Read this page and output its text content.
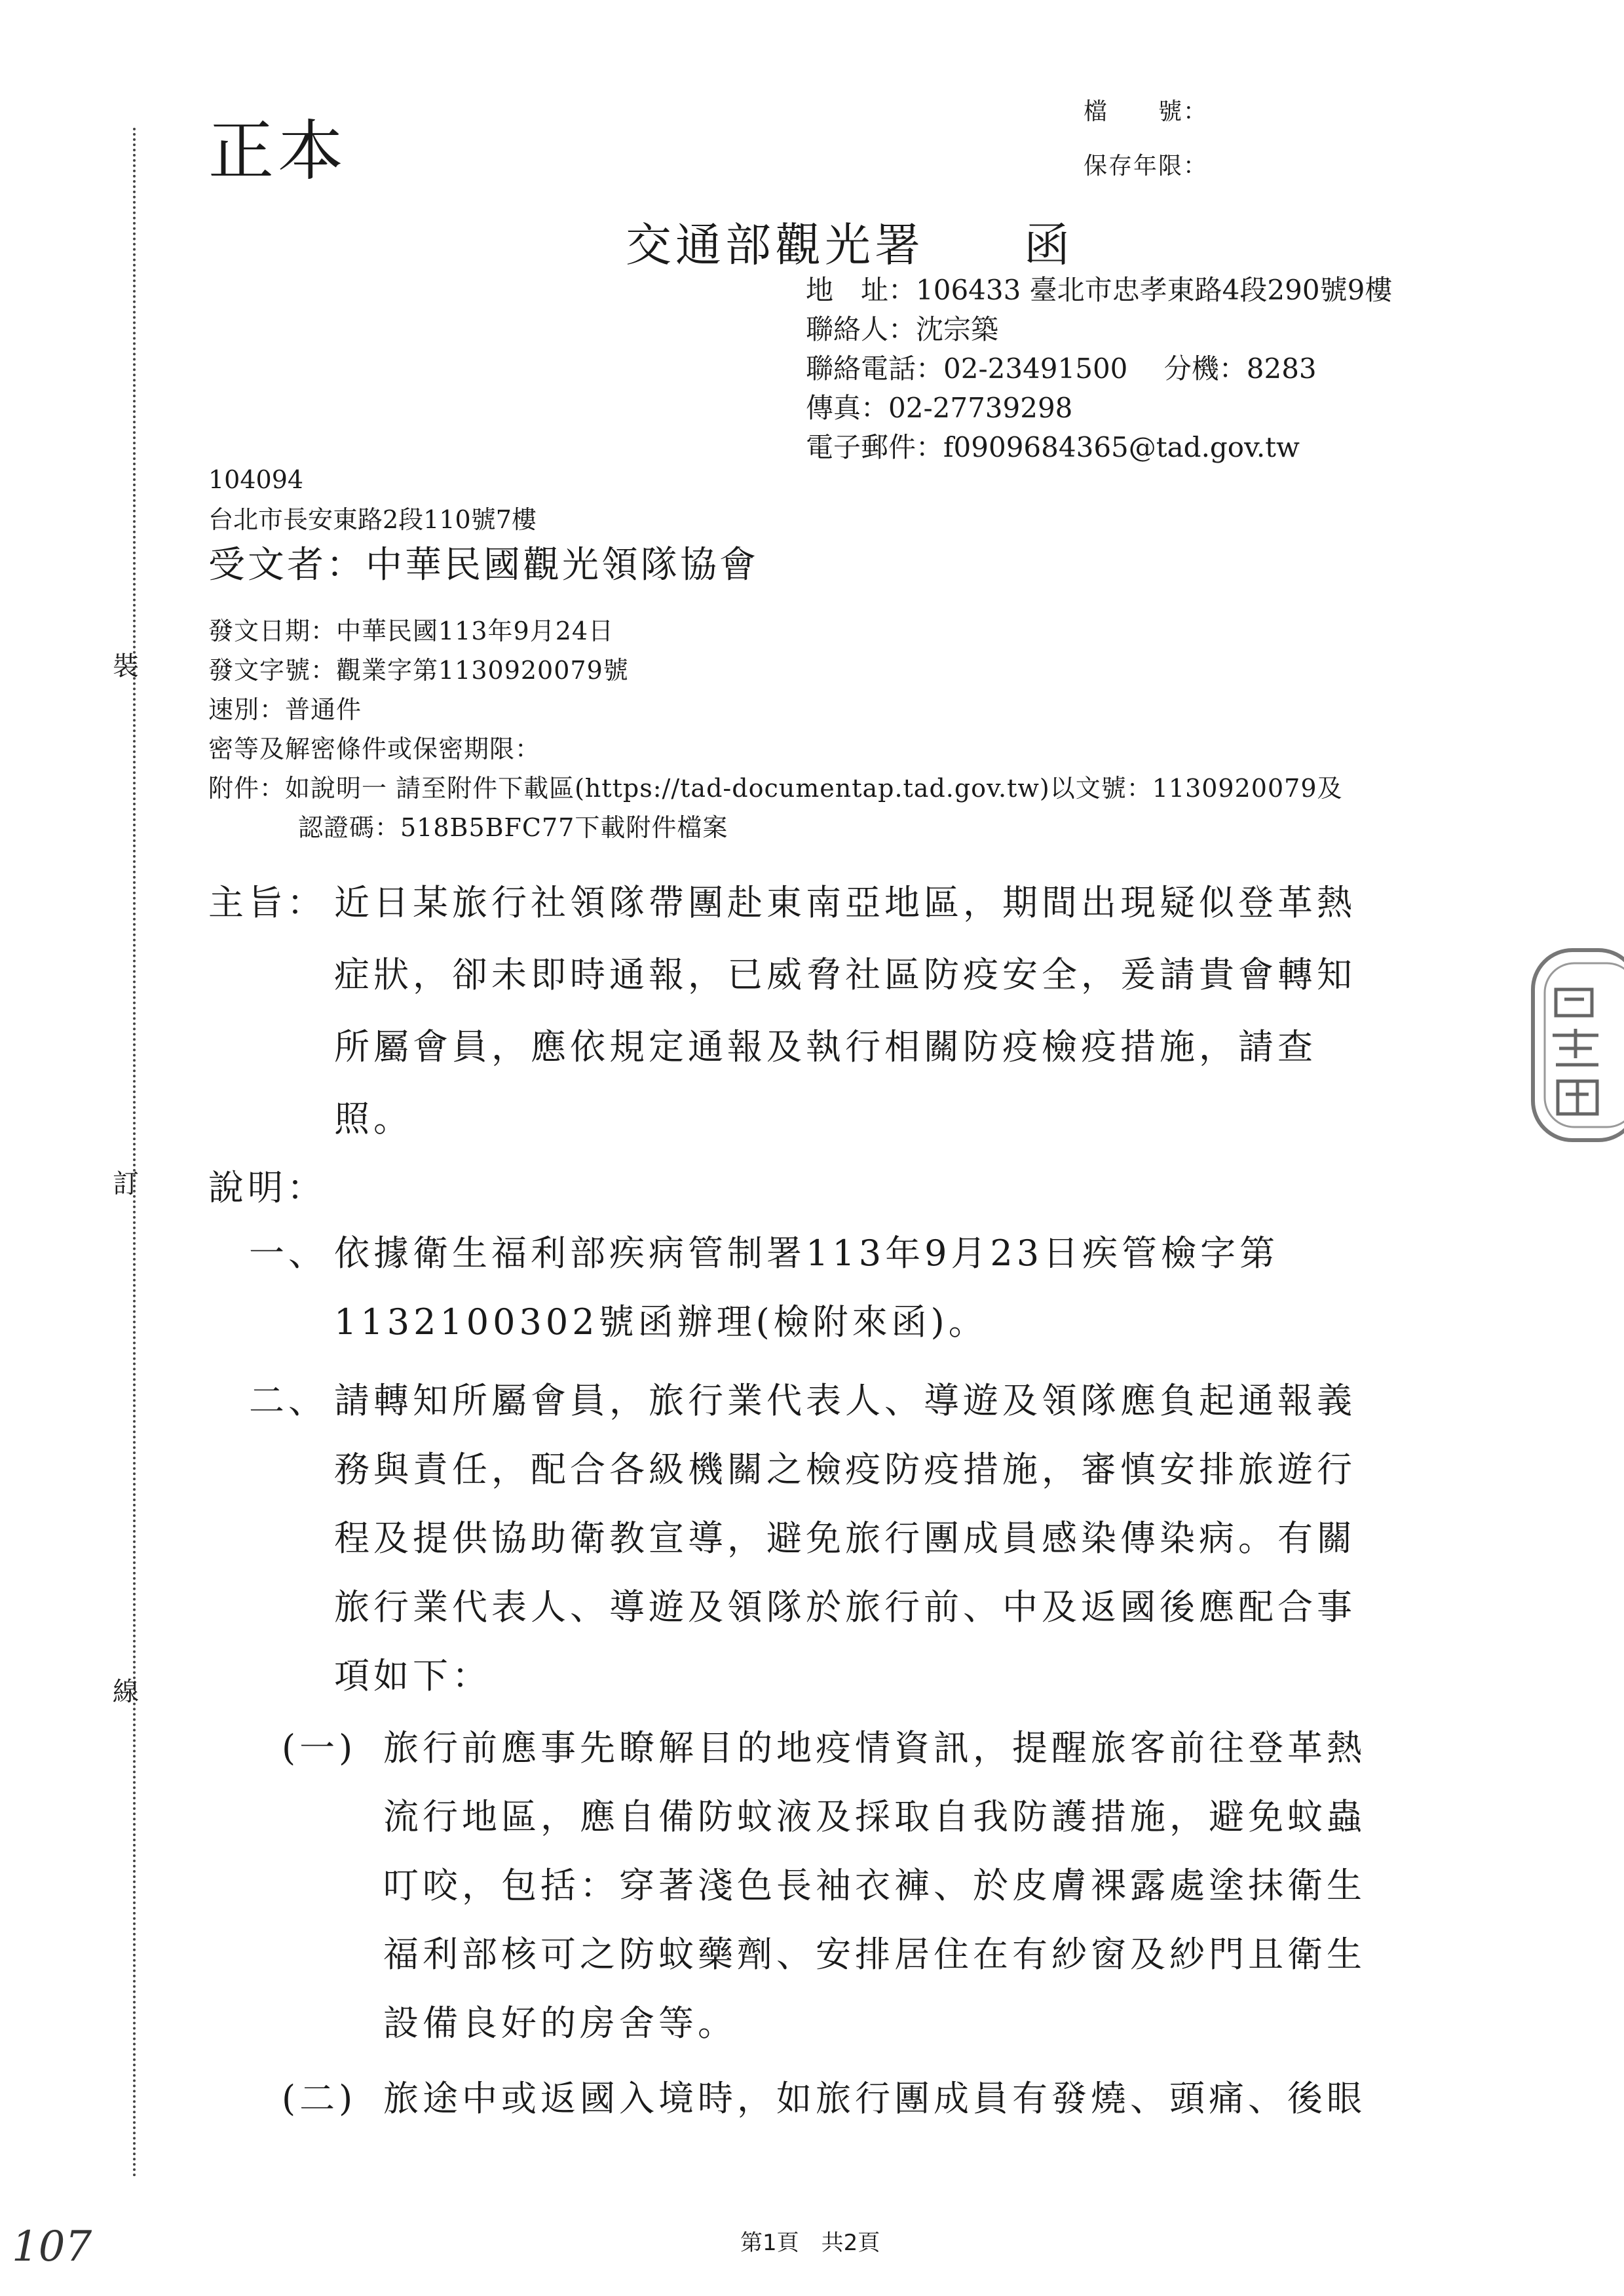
裝
訂
線
正本
檔　　號：
保存年限：
交通部觀光署　　函
地　址：106433 臺北市忠孝東路4段290號9樓
聯絡人：沈宗築
聯絡電話：02-23491500　 分機：8283
傳真：02-27739298
電子郵件：f0909684365@tad.gov.tw
104094
台北市長安東路2段110號7樓
受文者：中華民國觀光領隊協會
發文日期：中華民國113年9月24日
發文字號：觀業字第1130920079號
速別：普通件
密等及解密條件或保密期限：
附件：如說明一 請至附件下載區(https://tad-documentap.tad.gov.tw)以文號：1130920079及
認證碼：518B5BFC77下載附件檔案
主旨： 近日某旅行社領隊帶團赴東南亞地區，期間出現疑似登革熱
症狀，卻未即時通報，已威脅社區防疫安全，爰請貴會轉知
所屬會員，應依規定通報及執行相關防疫檢疫措施，請查
照。
說明：
一、 依據衛生福利部疾病管制署113年9月23日疾管檢字第
1132100302號函辦理(檢附來函)。
二、 請轉知所屬會員，旅行業代表人、導遊及領隊應負起通報義
務與責任，配合各級機關之檢疫防疫措施，審慎安排旅遊行
程及提供協助衛教宣導，避免旅行團成員感染傳染病。有關
旅行業代表人、導遊及領隊於旅行前、中及返國後應配合事
項如下：
(一) 旅行前應事先瞭解目的地疫情資訊，提醒旅客前往登革熱
流行地區，應自備防蚊液及採取自我防護措施，避免蚊蟲
叮咬，包括：穿著淺色長袖衣褲、於皮膚裸露處塗抹衛生
福利部核可之防蚊藥劑、安排居住在有紗窗及紗門且衛生
設備良好的房舍等。
(二) 旅途中或返國入境時，如旅行團成員有發燒、頭痛、後眼
第1頁　共2頁
107
